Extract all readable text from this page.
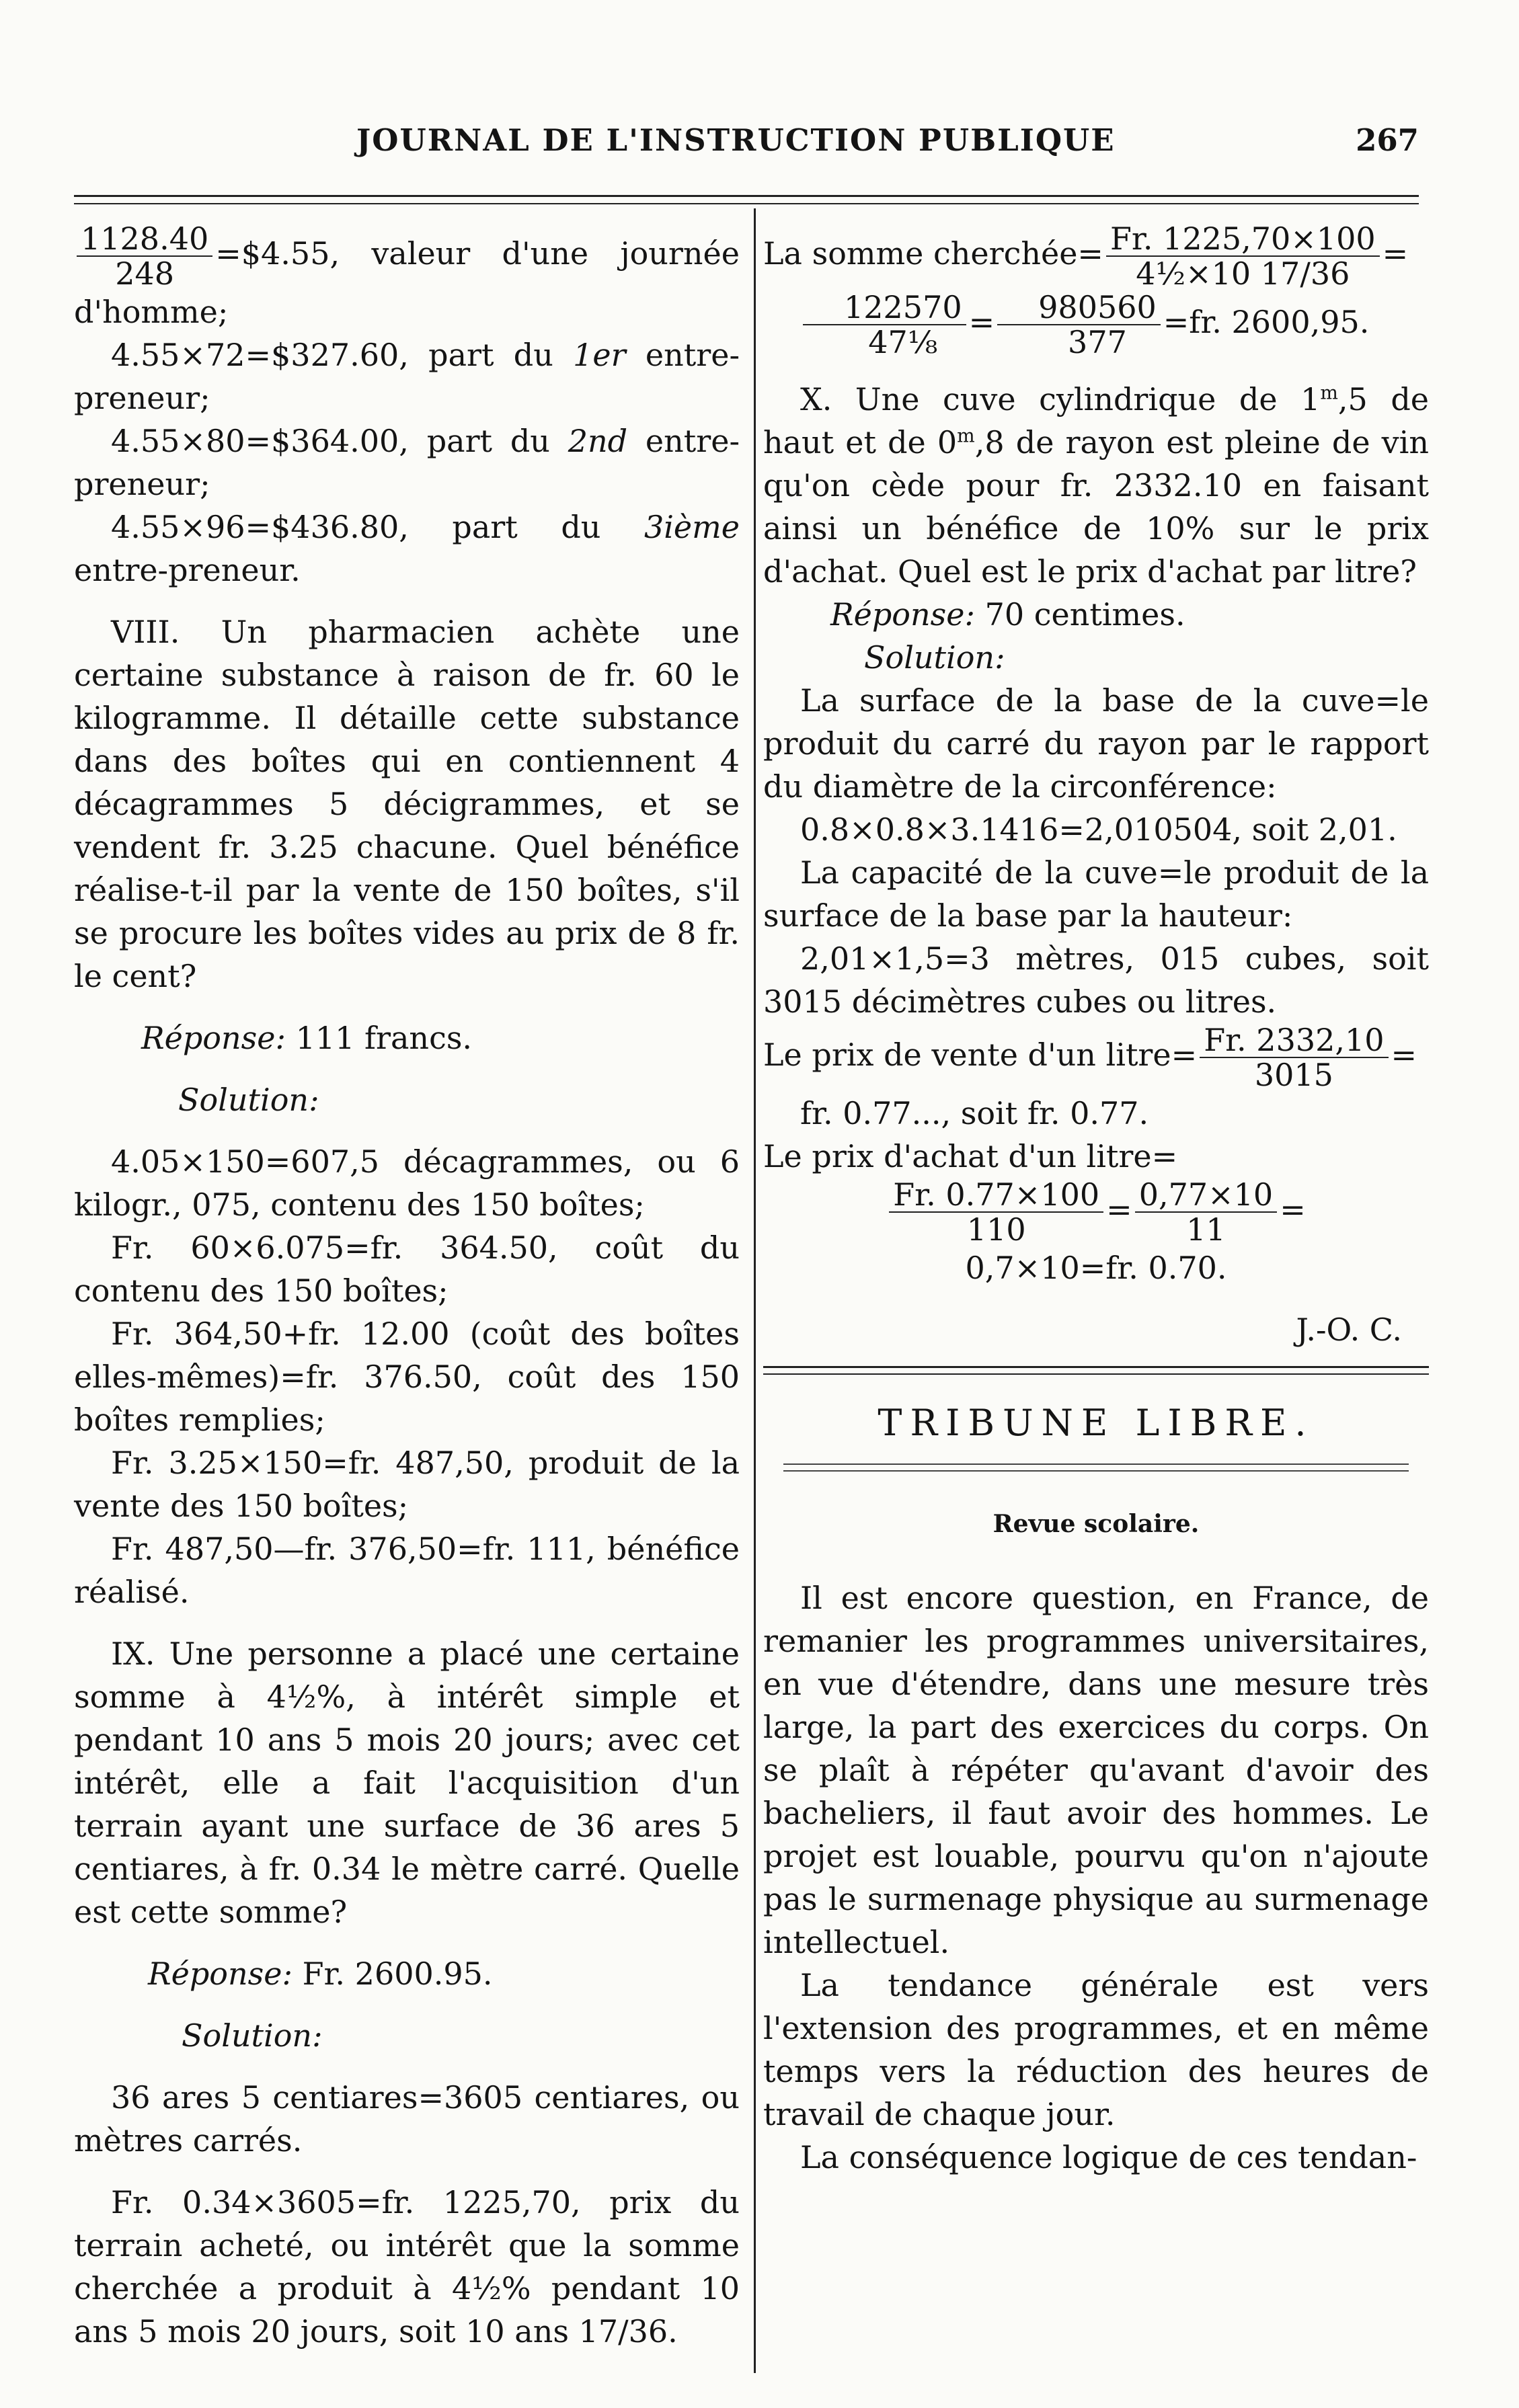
JOURNAL DE L'INSTRUCTION PUBLIQUE	267

$\frac{1128.40}{248}$ =$4.55, valeur d'une journée d'homme;

4.55×72=$327.60, part du 1er entre-preneur;

4.55×80=$364.00, part du 2nd entre-preneur;

4.55×96=$436.80, part du 3ième entre-preneur.

VIII. Un pharmacien achète une certaine substance à raison de fr. 60 le kilogramme. Il détaille cette substance dans des boîtes qui en contiennent 4 décagrammes 5 décigrammes, et se vendent fr. 3.25 chacune. Quel bénéfice réalise-t-il par la vente de 150 boîtes, s'il se procure les boîtes vides au prix de 8 fr. le cent?

Réponse: 111 francs.

Solution:

4.05×150=607,5 décagrammes, ou 6 kilogr., 075, contenu des 150 boîtes;

Fr. 60×6.075=fr. 364.50, coût du contenu des 150 boîtes;

Fr. 364,50+fr. 12.00 (coût des boîtes elles-mêmes)=fr. 376.50, coût des 150 boîtes remplies;

Fr. 3.25×150=fr. 487,50, produit de la vente des 150 boîtes;

Fr. 487,50—fr. 376,50=fr. 111, bénéfice réalisé.

IX. Une personne a placé une certaine somme à 4½%, à intérêt simple et pendant 10 ans 5 mois 20 jours; avec cet intérêt, elle a fait l'acquisition d'un terrain ayant une surface de 36 ares 5 centiares, à fr. 0.34 le mètre carré. Quelle est cette somme?

Réponse: Fr. 2600.95.

Solution:

36 ares 5 centiares=3605 centiares, ou mètres carrés.

Fr. 0.34×3605=fr. 1225,70, prix du terrain acheté, ou intérêt que la somme cherchée a produit à 4½% pendant 10 ans 5 mois 20 jours, soit 10 ans 17/36.

La somme cherchée= $\frac{Fr. 1225,70\times 100}{\text{4½×10 17/36}}$ =

$\frac{122570}{\text{47⅛}} = \frac{980560}{377} =fr$. 2600,95.

X. Une cuve cylindrique de 1$^m$,5 de haut et de 0$^m$,8 de rayon est pleine de vin qu'on cède pour fr. 2332.10 en faisant ainsi un bénéfice de 10% sur le prix d'achat. Quel est le prix d'achat par litre?

Réponse: 70 centimes.

Solution:

La surface de la base de la cuve=le produit du carré du rayon par le rapport du diamètre de la circonférence:

0.8×0.8×3.1416=2,010504, soit 2,01.

La capacité de la cuve=le produit de la surface de la base par la hauteur:

2,01×1,5=3 mètres, 015 cubes, soit 3015 décimètres cubes ou litres.

Le prix de vente d'un litre= $\frac{Fr. 2332,10}{3015}$ =

fr. 0.77..., soit fr. 0.77.

Le prix d'achat d'un litre=

$\frac{Fr. 0.77\times 100}{110} = \frac{0,77\times 10}{11}$ =

0,7×10=fr. 0.70.

J.-O. C.

TRIBUNE LIBRE.
Revue scolaire.

Il est encore question, en France, de remanier les programmes universitaires, en vue d'étendre, dans une mesure très large, la part des exercices du corps. On se plaît à répéter qu'avant d'avoir des bacheliers, il faut avoir des hommes. Le projet est louable, pourvu qu'on n'ajoute pas le surmenage physique au surmenage intellectuel.

La tendance générale est vers l'extension des programmes, et en même temps vers la réduction des heures de travail de chaque jour.

La conséquence logique de ces tendan-
